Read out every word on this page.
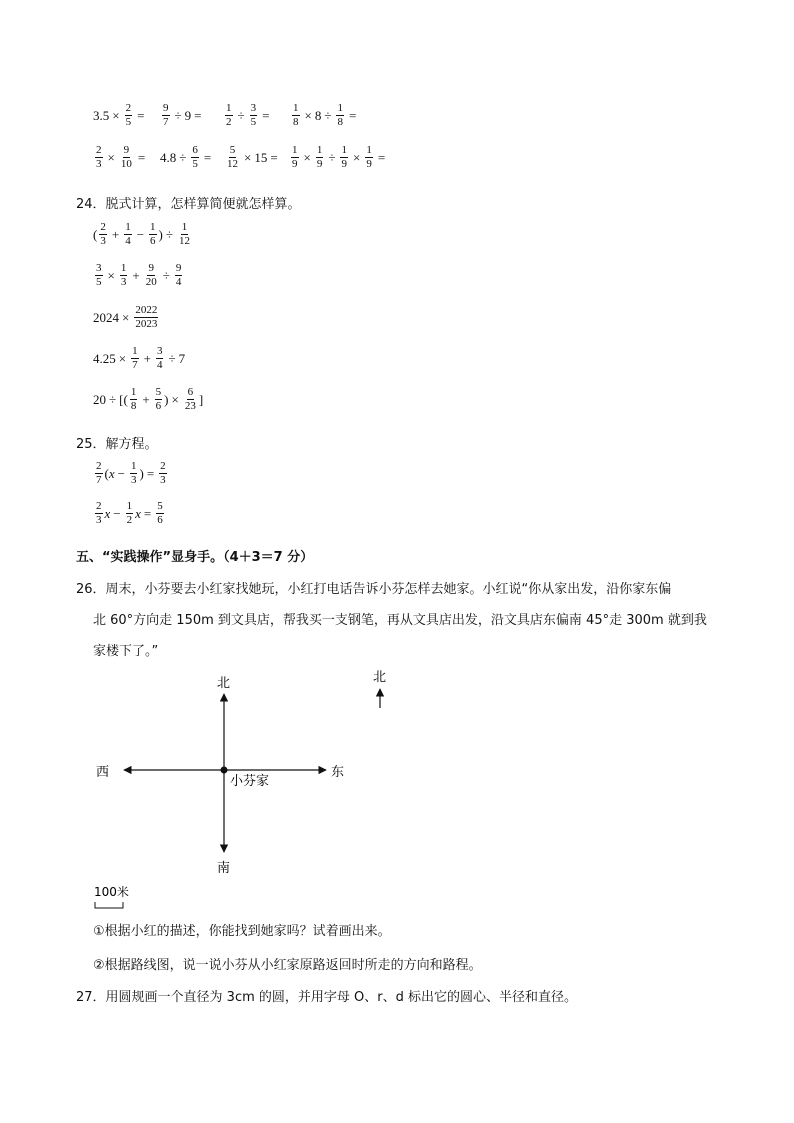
$3.5 \times \frac{2}{5} = \frac{9}{7} \div 9 = \frac{1}{2} \div \frac{3}{5} = \frac{1}{8} \times 8 \div \frac{1}{8}$ =
$\frac{2}{3} \times \frac{9}{10} = 4.8 \div \frac{6}{5} = \frac{5}{12} \times 15 = \frac{1}{9} \times \frac{1}{9} \div \frac{1}{9} \times \frac{1}{9}$ =
24．脱式计算，怎样算简便就怎样算。
( $\frac{2}{3} + \frac{1}{4} - \frac{1}{6}$ ) ÷ $\frac{1}{12}$
$\frac{3}{5} \times \frac{1}{3} + \frac{9}{20} \div \frac{9}{4}$
$2024 \times \frac{2022}{2023}$
$4.25 \times \frac{1}{7} + \frac{3}{4} \div 7$
20 ÷ [( $\frac{1}{8} + \frac{5}{6}$ ) × $\frac{6}{23}$ ]
25．解方程。
$\frac{2}{7}$ ( $x - \frac{1}{3}$ ) = $\frac{2}{3}$
$\frac{2}{3}$ $x - \frac{1}{2}$ $x = \frac{5}{6}$
五、“实践操作”显身手。（4＋3＝7 分）
26．周末，小芬要去小红家找她玩，小红打电话告诉小芬怎样去她家。小红说“你从家出发，沿你家东偏
北 60°方向走 150m 到文具店，帮我买一支钢笔，再从文具店出发，沿文具店东偏南 45°走 300m 就到我
家楼下了。”
北
南
东
西
小芬家
北
100米
①根据小红的描述，你能找到她家吗？试着画出来。
②根据路线图，说一说小芬从小红家原路返回时所走的方向和路程。
27．用圆规画一个直径为 3cm 的圆，并用字母 O、r、d 标出它的圆心、半径和直径。
